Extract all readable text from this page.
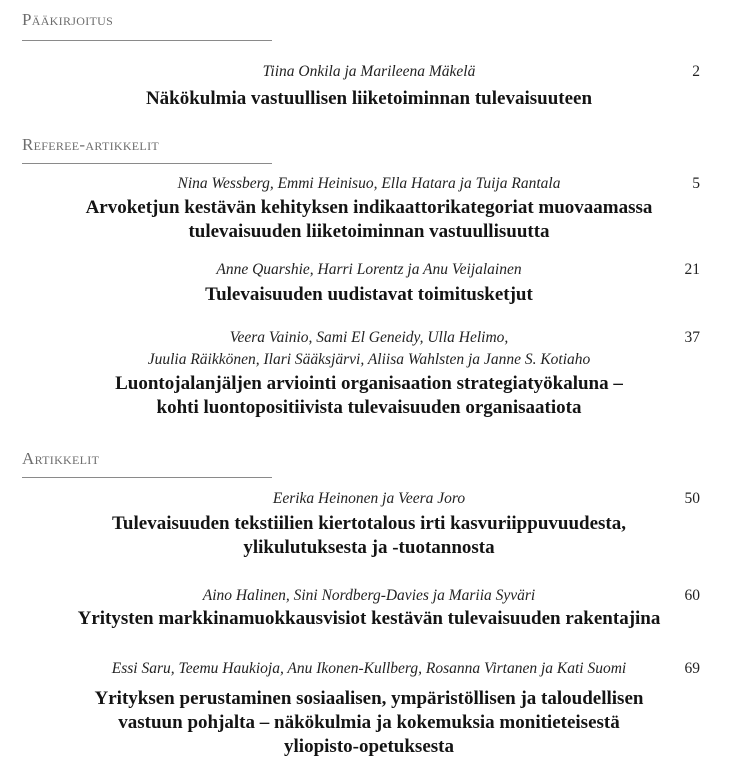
Pääkirjoitus
Tiina Onkila ja Marileena Mäkelä	2
Näkökulmia vastuullisen liiketoiminnan tulevaisuuteen
Referee-artikkelit
Nina Wessberg, Emmi Heinisuo, Ella Hatara ja Tuija Rantala	5
Arvoketjun kestävän kehityksen indikaattorikategoriat muovaamassa
tulevaisuuden liiketoiminnan vastuullisuutta
Anne Quarshie, Harri Lorentz ja Anu Veijalainen	21
Tulevaisuuden uudistavat toimitusketjut
Veera Vainio, Sami El Geneidy, Ulla Helimo,	37
Juulia Räikkönen, Ilari Sääksjärvi, Aliisa Wahlsten ja Janne S. Kotiaho
Luontojalanjäljen arviointi organisaation strategiatyökaluna –
kohti luontopositiivista tulevaisuuden organisaatiota
Artikkelit
Eerika Heinonen ja Veera Joro	50
Tulevaisuuden tekstiilien kiertotalous irti kasvuriippuvuudesta,
ylikulutuksesta ja -tuotannosta
Aino Halinen, Sini Nordberg-Davies ja Mariia Syväri	60
Yritysten markkinamuokkausvisiot kestävän tulevaisuuden rakentajina
Essi Saru, Teemu Haukioja, Anu Ikonen-Kullberg, Rosanna Virtanen ja Kati Suomi	69
Yrityksen perustaminen sosiaalisen, ympäristöllisen ja taloudellisen
vastuun pohjalta – näkökulmia ja kokemuksia monitieteisestä
yliopisto-opetuksesta
